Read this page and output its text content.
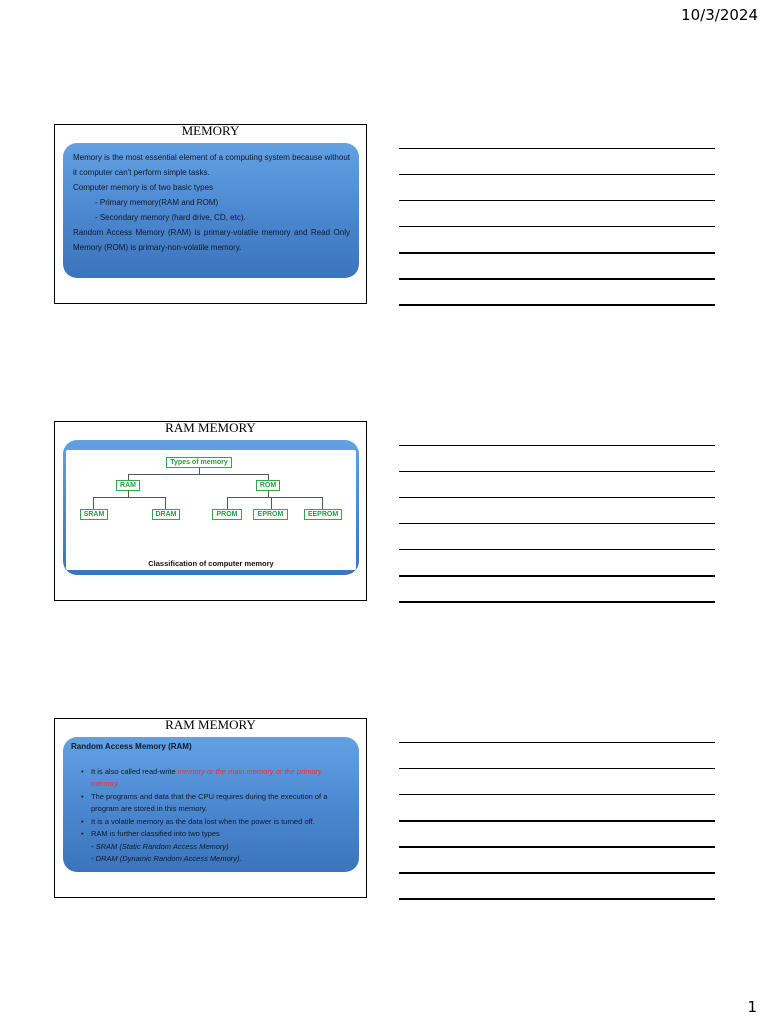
10/3/2024
MEMORY

Memory is the most essential element of a computing system because without it computer can't perform simple tasks.

Computer memory is of two basic types

- Primary memory(RAM and ROM)

- Secondary memory (hard drive, CD, etc).

Random Access Memory (RAM) is primary-volatile memory and Read Only Memory (ROM) is primary-non-volatile memory.

RAM MEMORY
Types of memory
RAM	ROM
SRAM	DRAM	PROM	EPROM	EEPROM
Classification of computer memory
RAM MEMORY
Random Access Memory (RAM)
• It is also called read-write memory or the main memory or the primary memory.
• The programs and data that the CPU requires during the execution of a program are stored in this memory.
• It is a volatile memory as the data lost when the power is turned off.
• RAM is further classified into two types
- SRAM (Static Random Access Memory)
- DRAM (Dynamic Random Access Memory).
1
